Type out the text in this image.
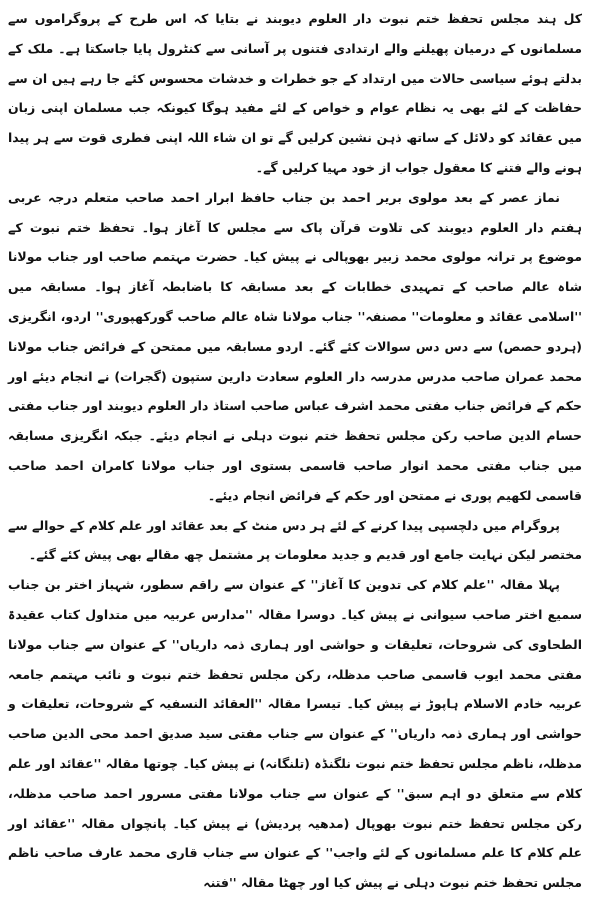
کل ہند مجلس تحفظ ختم نبوت دار العلوم دیوبند نے بتایا کہ اس طرح کے پروگراموں سے مسلمانوں کے درمیان پھیلنے والے ارتدادی فتنوں پر آسانی سے کنٹرول پایا جاسکتا ہے۔ ملک کے بدلتے ہوئے سیاسی حالات میں ارتداد کے جو خطرات و خدشات محسوس کئے جا رہے ہیں ان سے حفاظت کے لئے بھی یہ نظام عوام و خواص کے لئے مفید ہوگا کیونکہ جب مسلمان اپنی زبان میں عقائد کو دلائل کے ساتھ ذہن نشین کرلیں گے تو ان شاء اللہ اپنی فطری قوت سے ہر پیدا ہونے والے فتنے کا معقول جواب از خود مہیا کرلیں گے۔

نماز عصر کے بعد مولوی بریر احمد بن جناب حافظ ابرار احمد صاحب متعلم درجہ عربی ہفتم دار العلوم دیوبند کی تلاوت قرآن پاک سے مجلس کا آغاز ہوا۔ تحفظ ختم نبوت کے موضوع پر ترانہ مولوی محمد زبیر بھوپالی نے پیش کیا۔ حضرت مہتمم صاحب اور جناب مولانا شاہ عالم صاحب کے تمہیدی خطابات کے بعد مسابقہ کا باضابطہ آغاز ہوا۔ مسابقہ میں ''اسلامی عقائد و معلومات'' مصنفہ'' جناب مولانا شاہ عالم صاحب گورکھپوری'' اردو، انگریزی (ہردو حصص) سے دس دس سوالات کئے گئے۔ اردو مسابقہ میں ممتحن کے فرائض جناب مولانا محمد عمران صاحب مدرس مدرسہ دار العلوم سعادت دارین ستپون (گجرات) نے انجام دیئے اور حکم کے فرائض جناب مفتی محمد اشرف عباس صاحب استاذ دار العلوم دیوبند اور جناب مفتی حسام الدین صاحب رکن مجلس تحفظ ختم نبوت دہلی نے انجام دیئے۔ جبکہ انگریزی مسابقہ میں جناب مفتی محمد انوار صاحب قاسمی بستوی اور جناب مولانا کامران احمد صاحب قاسمی لکھیم پوری نے ممتحن اور حکم کے فرائض انجام دیئے۔

پروگرام میں دلچسپی پیدا کرنے کے لئے ہر دس منٹ کے بعد عقائد اور علم کلام کے حوالے سے مختصر لیکن نہایت جامع اور قدیم و جدید معلومات پر مشتمل چھ مقالے بھی پیش کئے گئے۔

پہلا مقالہ ''علم کلام کی تدوین کا آغاز'' کے عنوان سے راقم سطور، شہباز اختر بن جناب سمیع اختر صاحب سیوانی نے پیش کیا۔ دوسرا مقالہ ''مدارس عربیہ میں متداول کتاب عقیدۃ الطحاوی کی شروحات، تعلیقات و حواشی اور ہماری ذمہ داریاں'' کے عنوان سے جناب مولانا مفتی محمد ایوب قاسمی صاحب مدظلہ، رکن مجلس تحفظ ختم نبوت و نائب مہتمم جامعہ عربیہ خادم الاسلام ہاپوڑ نے پیش کیا۔ تیسرا مقالہ ''العقائد النسفیہ کے شروحات، تعلیقات و حواشی اور ہماری ذمہ داریاں'' کے عنوان سے جناب مفتی سید صدیق احمد محی الدین صاحب مدظلہ، ناظم مجلس تحفظ ختم نبوت نلگنڈہ (تلنگانہ) نے پیش کیا۔ چوتھا مقالہ ''عقائد اور علم کلام سے متعلق دو اہم سبق'' کے عنوان سے جناب مولانا مفتی مسرور احمد صاحب مدظلہ، رکن مجلس تحفظ ختم نبوت بھوپال (مدھیہ پردیش) نے پیش کیا۔ پانچواں مقالہ ''عقائد اور علم کلام کا علم مسلمانوں کے لئے واجب'' کے عنوان سے جناب قاری محمد عارف صاحب ناظم مجلس تحفظ ختم نبوت دہلی نے پیش کیا اور چھٹا مقالہ ''فتنہ
